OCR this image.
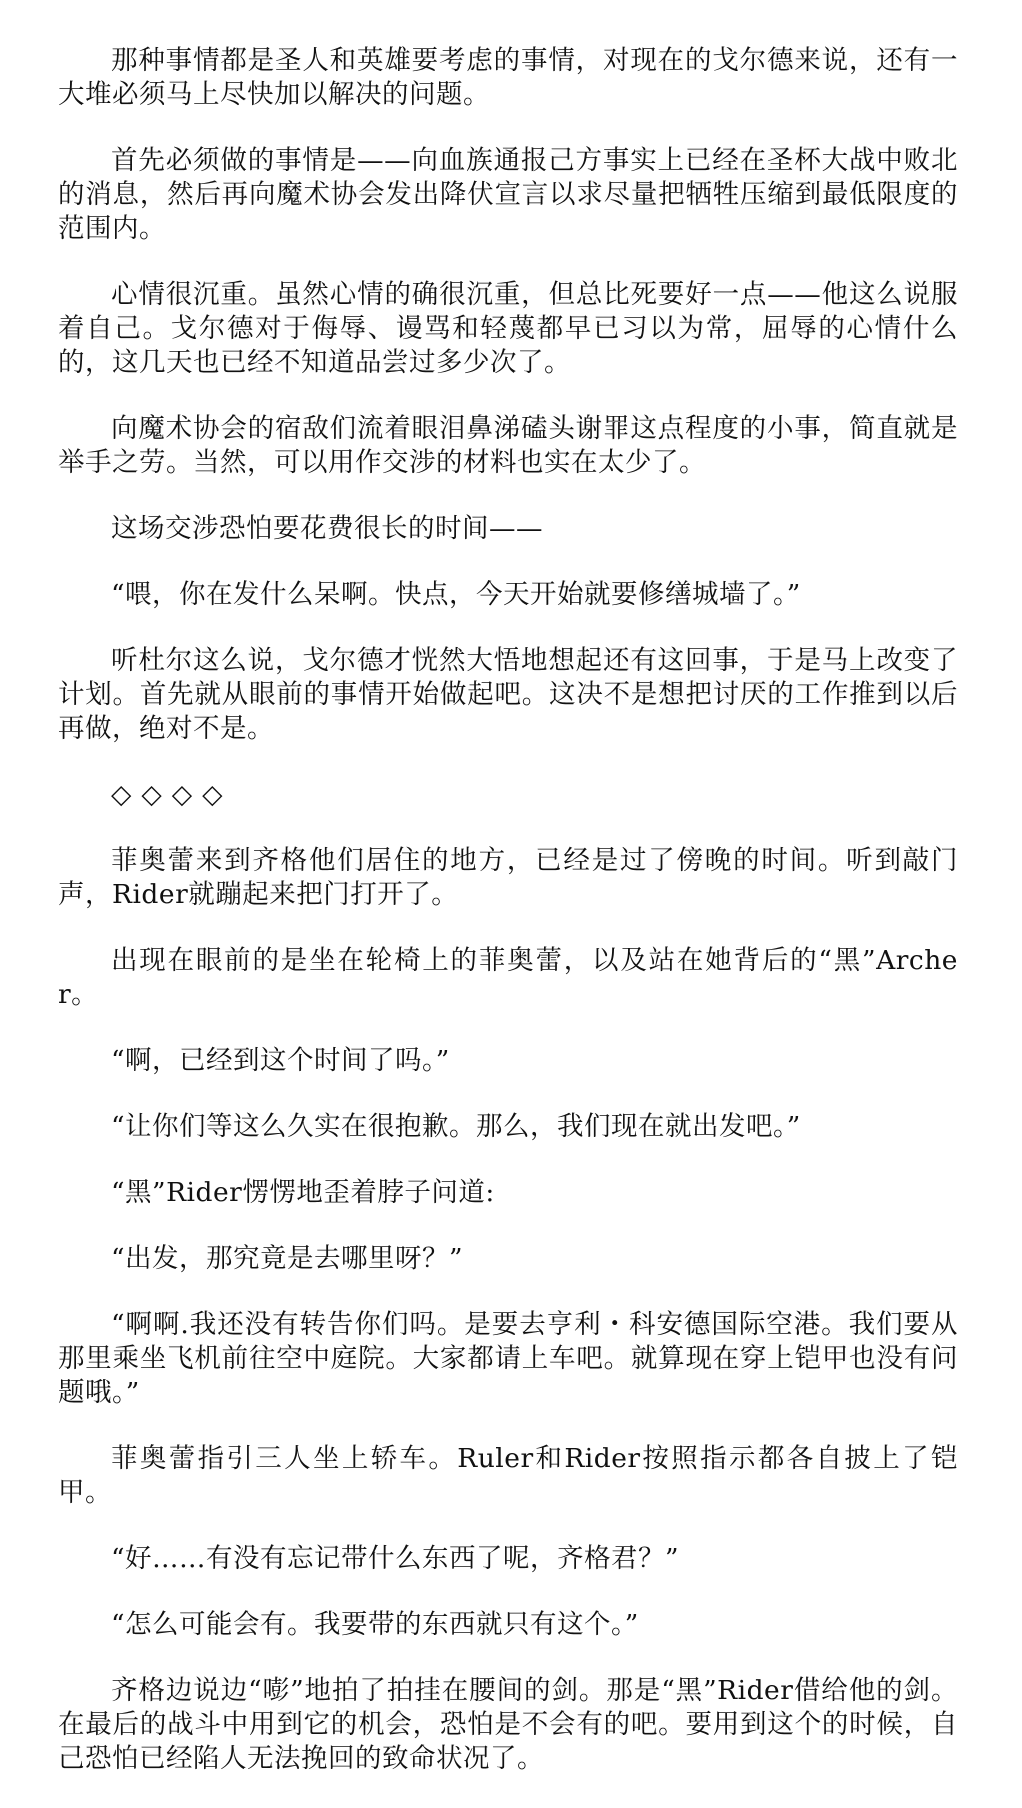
那种事情都是圣人和英雄要考虑的事情，对现在的戈尔德来说，还有一大堆必须马上尽快加以解决的问题。

首先必须做的事情是——向血族通报己方事实上已经在圣杯大战中败北的消息，然后再向魔术协会发出降伏宣言以求尽量把牺牲压缩到最低限度的范围内。

心情很沉重。虽然心情的确很沉重，但总比死要好一点——他这么说服着自己。戈尔德对于侮辱、谩骂和轻蔑都早已习以为常，屈辱的心情什么的，这几天也已经不知道品尝过多少次了。

向魔术协会的宿敌们流着眼泪鼻涕磕头谢罪这点程度的小事，简直就是举手之劳。当然，可以用作交涉的材料也实在太少了。

这场交涉恐怕要花费很长的时间——

“喂，你在发什么呆啊。快点，今天开始就要修缮城墙了。”

听杜尔这么说，戈尔德才恍然大悟地想起还有这回事，于是马上改变了计划。首先就从眼前的事情开始做起吧。这决不是想把讨厌的工作推到以后再做，绝对不是。

◇◇◇◇

菲奥蕾来到齐格他们居住的地方，已经是过了傍晚的时间。听到敲门声，Rider就蹦起来把门打开了。

出现在眼前的是坐在轮椅上的菲奥蕾，以及站在她背后的“黑”Archer。

“啊，已经到这个时间了吗。”

“让你们等这么久实在很抱歉。那么，我们现在就出发吧。”

“黑”Rider愣愣地歪着脖子问道:

“出发，那究竟是去哪里呀？”

“啊啊.我还没有转告你们吗。是要去亨利・科安德国际空港。我们要从那里乘坐飞机前往空中庭院。大家都请上车吧。就算现在穿上铠甲也没有问题哦。”

菲奥蕾指引三人坐上轿车。Ruler和Rider按照指示都各自披上了铠甲。

“好……有没有忘记带什么东西了呢，齐格君？”

“怎么可能会有。我要带的东西就只有这个。”

齐格边说边“嘭”地拍了拍挂在腰间的剑。那是“黑”Rider借给他的剑。在最后的战斗中用到它的机会，恐怕是不会有的吧。要用到这个的时候，自己恐怕已经陷人无法挽回的致命状况了。
